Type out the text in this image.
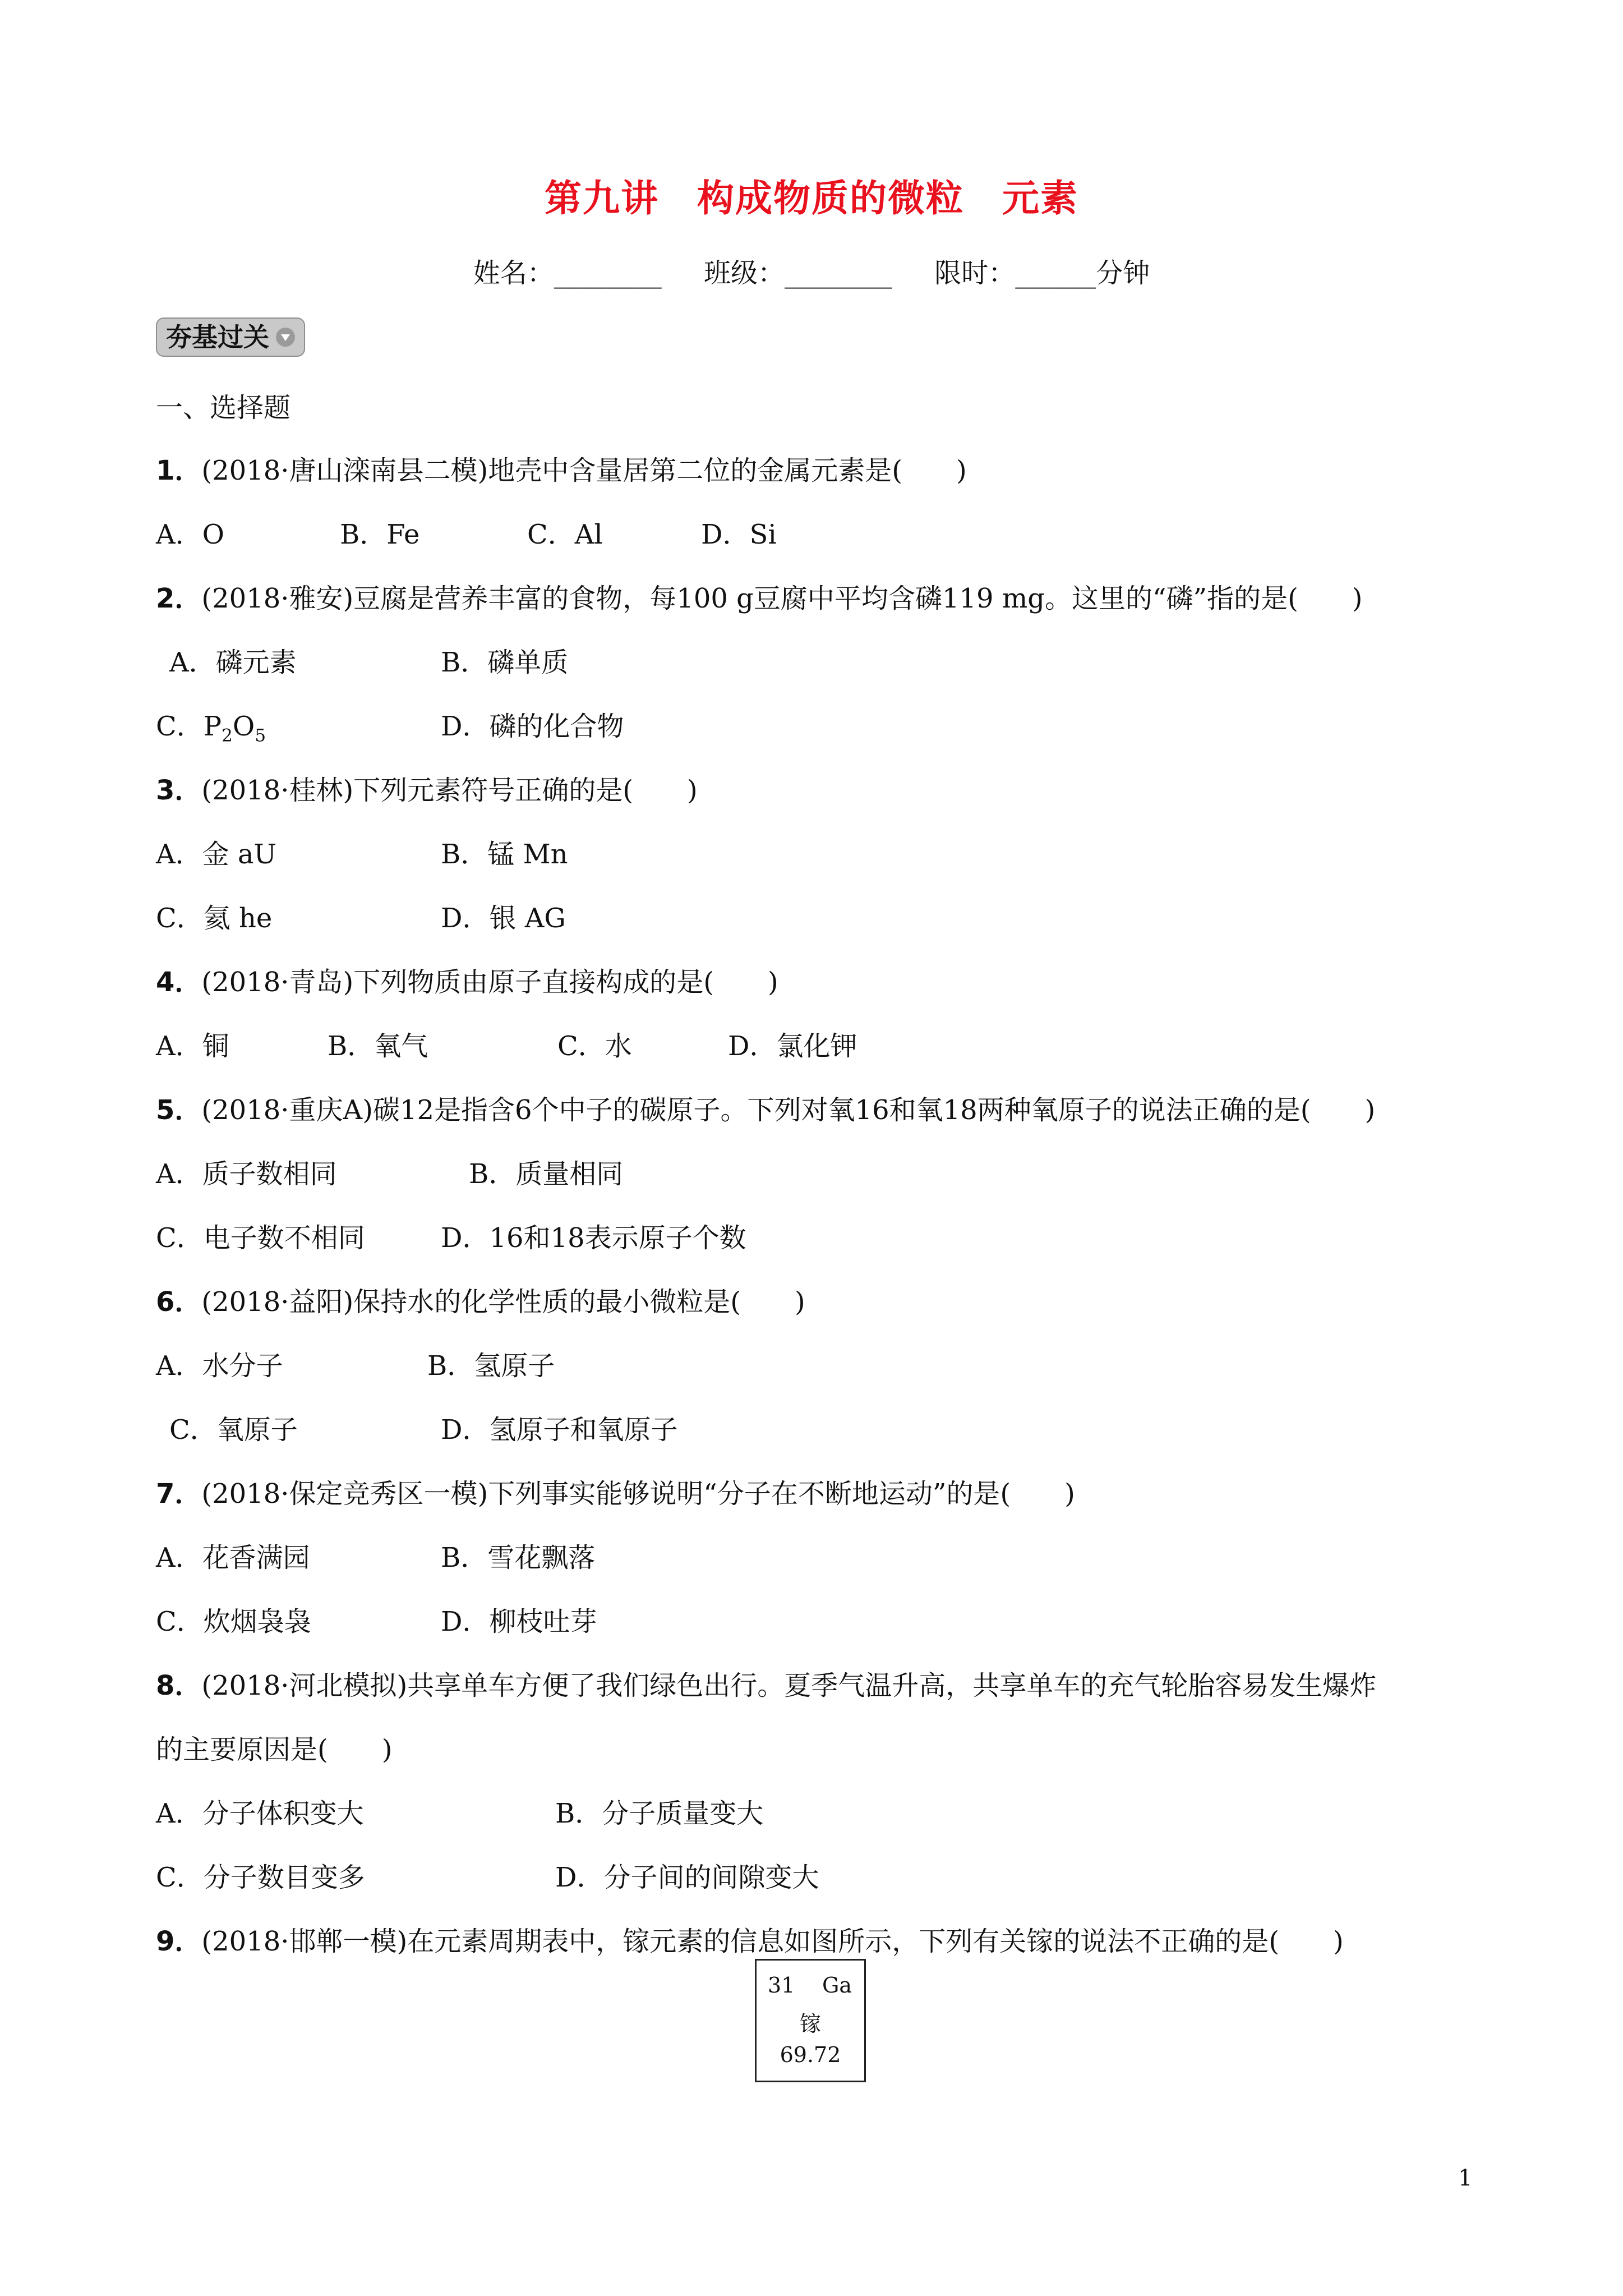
第九讲　构成物质的微粒　元素
姓名：________ 班级：________ 限时：______分钟
夯基过关
一、选择题
1．(2018·唐山滦南县二模)地壳中含量居第二位的金属元素是(　　)
A．O	B．Fe	C．Al	D．Si
2．(2018·雅安)豆腐是营养丰富的食物，每100 g豆腐中平均含磷119 mg。这里的“磷”指的是(　　)
A．磷元素	B．磷单质
C．$P_2O_5$	D．磷的化合物
3．(2018·桂林)下列元素符号正确的是(　　)
A．金 aU	B．锰 Mn
C．氦 he	D．银 AG
4．(2018·青岛)下列物质由原子直接构成的是(　　)
A．铜	B．氧气	C．水	D．氯化钾
5．(2018·重庆A)碳12是指含6个中子的碳原子。下列对氧16和氧18两种氧原子的说法正确的是(　　)
A．质子数相同	B．质量相同
C．电子数不相同	D．16和18表示原子个数
6．(2018·益阳)保持水的化学性质的最小微粒是(　　)
A．水分子	B．氢原子
C．氧原子	D．氢原子和氧原子
7．(2018·保定竞秀区一模)下列事实能够说明“分子在不断地运动”的是(　　)
A．花香满园	B．雪花飘落
C．炊烟袅袅	D．柳枝吐芽
8．(2018·河北模拟)共享单车方便了我们绿色出行。夏季气温升高，共享单车的充气轮胎容易发生爆炸
的主要原因是(　　)
A．分子体积变大	B．分子质量变大
C．分子数目变多	D．分子间的间隙变大
9．(2018·邯郸一模)在元素周期表中，镓元素的信息如图所示，下列有关镓的说法不正确的是(　　)
31 Ga
镓
69.72
1
